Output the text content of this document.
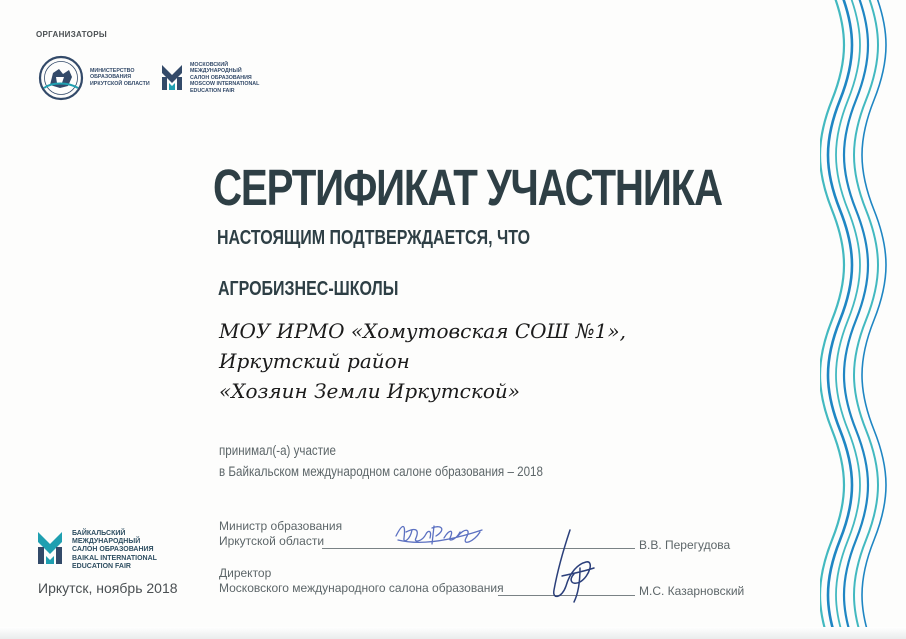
ОРГАНИЗАТОРЫ
МИНИСТЕРСТВО
ОБРАЗОВАНИЯ
ИРКУТСКОЙ ОБЛАСТИ
МОСКОВСКИЙ
МЕЖДУНАРОДНЫЙ
САЛОН ОБРАЗОВАНИЯ
MOSCOW INTERNATIONAL
EDUCATION FAIR
СЕРТИФИКАТ УЧАСТНИКА
НАСТОЯЩИМ ПОДТВЕРЖДАЕТСЯ, ЧТО
АГРОБИЗНЕС-ШКОЛЫ
МОУ ИРМО «Хомутовская СОШ №1»,
Иркутский район
«Хозяин Земли Иркутской»
принимал(-а) участие
в Байкальском международном салоне образования – 2018
Министр образования
Иркутской области	В.В. Перегудова
Директор
Московского международного салона образования	М.С. Казарновский
БАЙКАЛЬСКИЙ
МЕЖДУНАРОДНЫЙ
САЛОН ОБРАЗОВАНИЯ
BAIKAL INTERNATIONAL
EDUCATION FAIR
Иркутск, ноябрь 2018
